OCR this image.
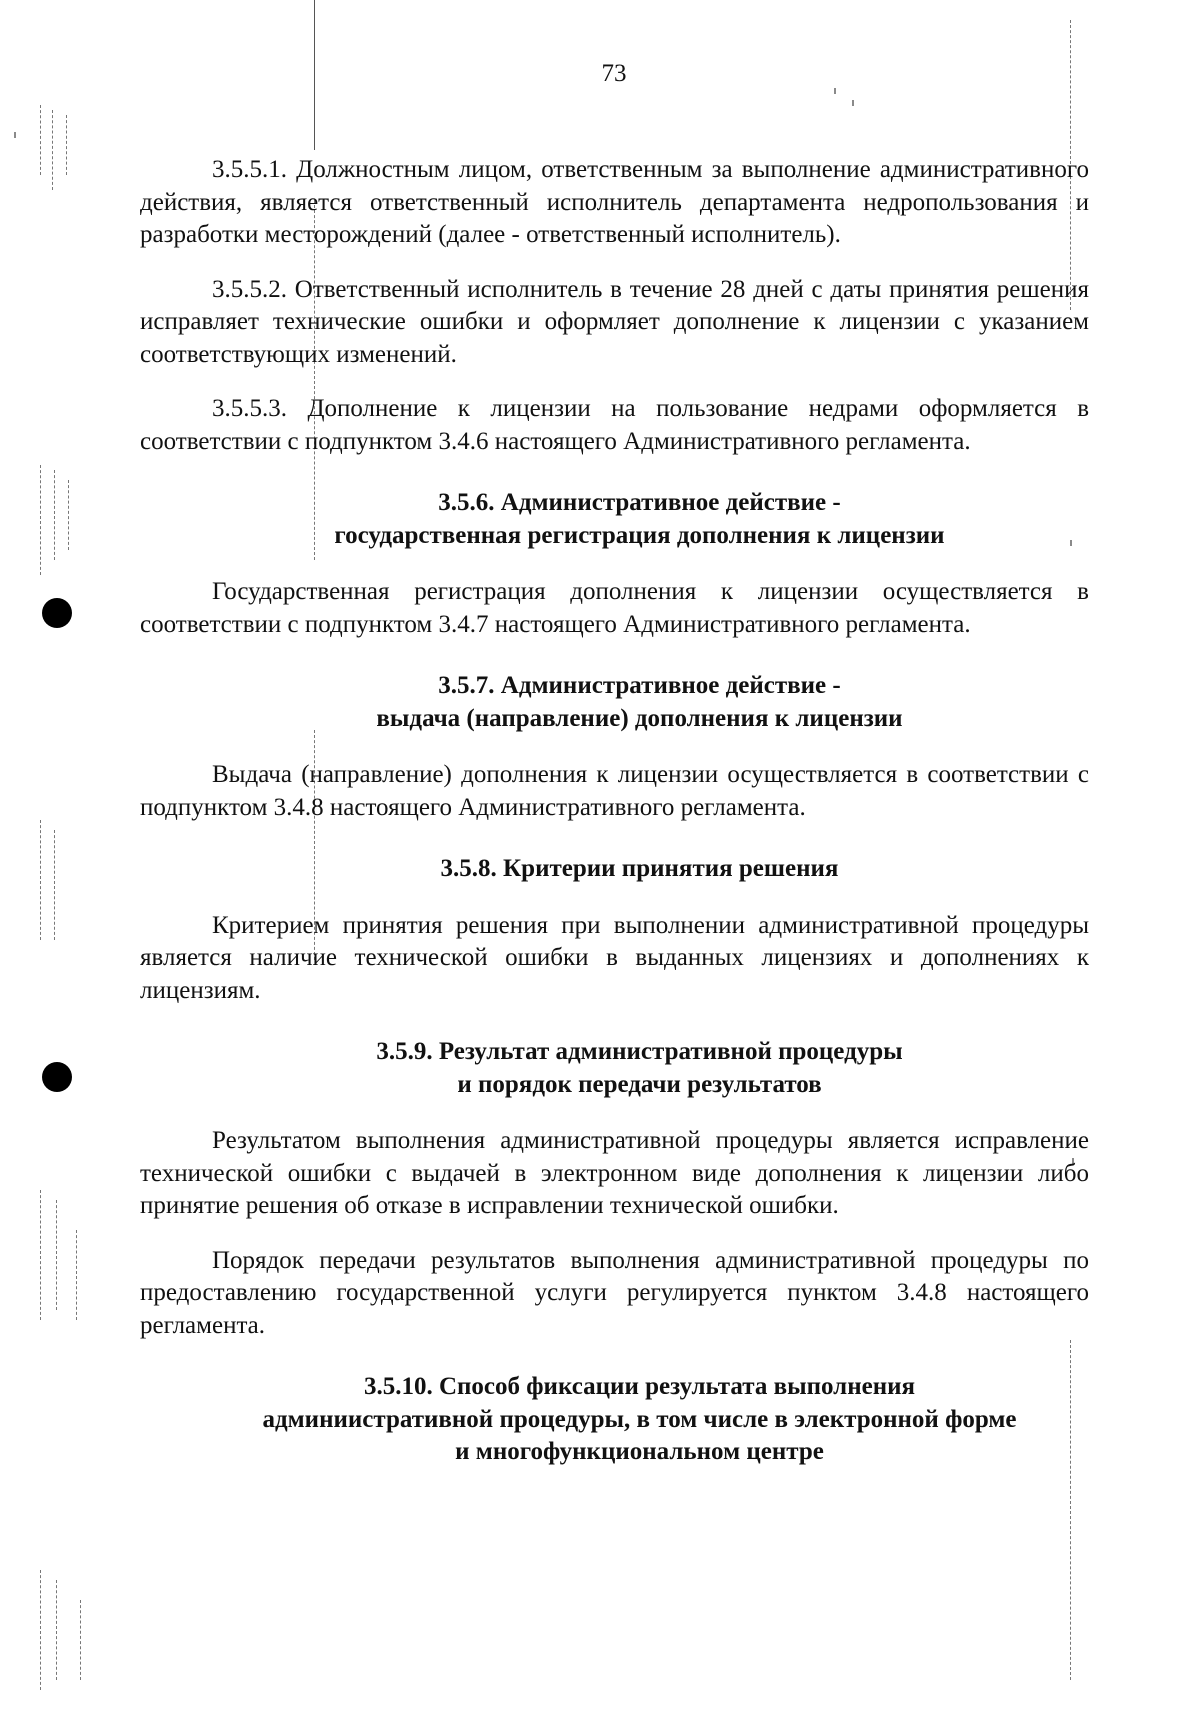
73

3.5.5.1. Должностным лицом, ответственным за выполнение административного действия, является ответственный исполнитель департамента недропользования и разработки месторождений (далее - ответственный исполнитель).

3.5.5.2. Ответственный исполнитель в течение 28 дней с даты принятия решения исправляет технические ошибки и оформляет дополнение к лицензии с указанием соответствующих изменений.

3.5.5.3. Дополнение к лицензии на пользование недрами оформляется в соответствии с подпунктом 3.4.6 настоящего Административного регламента.

3.5.6. Административное действие -
государственная регистрация дополнения к лицензии

Государственная регистрация дополнения к лицензии осуществляется в соответствии с подпунктом 3.4.7 настоящего Административного регламента.

3.5.7. Административное действие -
выдача (направление) дополнения к лицензии

Выдача (направление) дополнения к лицензии осуществляется в соответствии с подпунктом 3.4.8 настоящего Административного регламента.

3.5.8. Критерии принятия решения

Критерием принятия решения при выполнении административной процедуры является наличие технической ошибки в выданных лицензиях и дополнениях к лицензиям.

3.5.9. Результат административной процедуры
и порядок передачи результатов

Результатом выполнения административной процедуры является исправление технической ошибки с выдачей в электронном виде дополнения к лицензии либо принятие решения об отказе в исправлении технической ошибки.

Порядок передачи результатов выполнения административной процедуры по предоставлению государственной услуги регулируется пунктом 3.4.8 настоящего регламента.

3.5.10. Способ фиксации результата выполнения
админиистративной процедуры, в том числе в электронной форме
и многофункциональном центре
